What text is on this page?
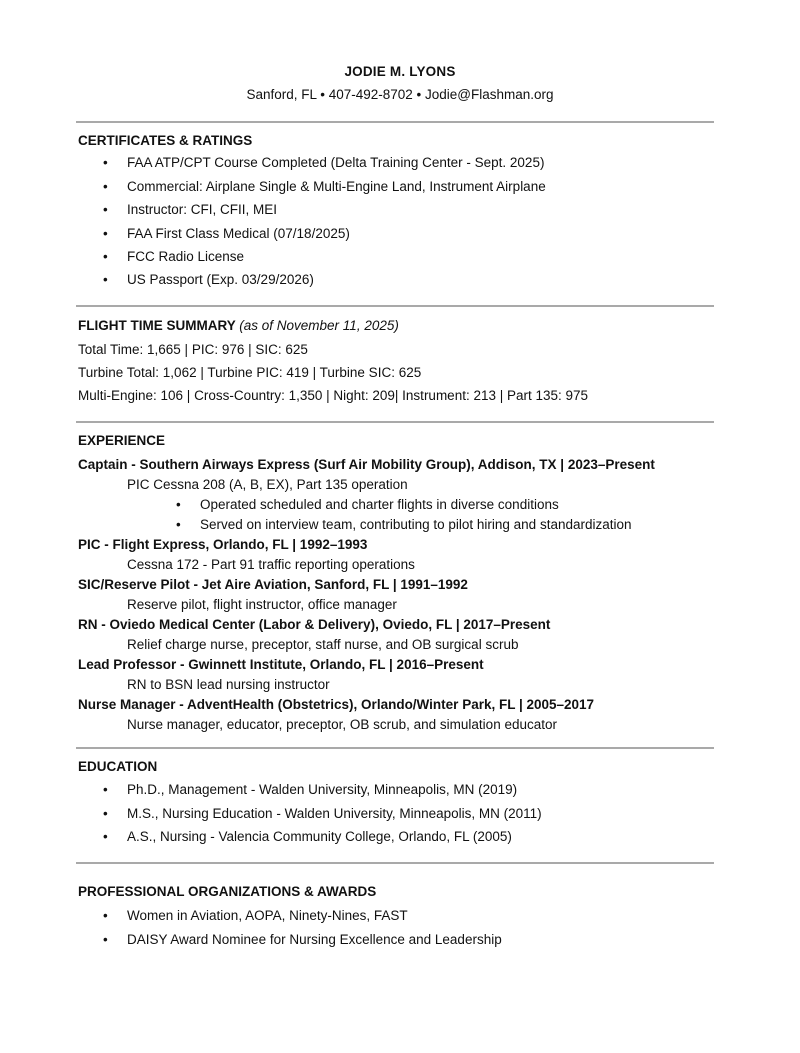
JODIE M. LYONS
Sanford, FL • 407-492-8702 • Jodie@Flashman.org
CERTIFICATES & RATINGS
• FAA ATP/CPT Course Completed (Delta Training Center - Sept. 2025)
• Commercial: Airplane Single & Multi-Engine Land, Instrument Airplane
• Instructor: CFI, CFII, MEI
• FAA First Class Medical (07/18/2025)
• FCC Radio License
• US Passport (Exp. 03/29/2026)
FLIGHT TIME SUMMARY (as of November 11, 2025)
Total Time: 1,665 | PIC: 976 | SIC: 625
Turbine Total: 1,062 | Turbine PIC: 419 | Turbine SIC: 625
Multi-Engine: 106 | Cross-Country: 1,350 | Night: 209| Instrument: 213 | Part 135: 975
EXPERIENCE
Captain - Southern Airways Express (Surf Air Mobility Group), Addison, TX | 2023–Present
PIC Cessna 208 (A, B, EX), Part 135 operation
• Operated scheduled and charter flights in diverse conditions
• Served on interview team, contributing to pilot hiring and standardization
PIC - Flight Express, Orlando, FL | 1992–1993
Cessna 172 - Part 91 traffic reporting operations
SIC/Reserve Pilot - Jet Aire Aviation, Sanford, FL | 1991–1992
Reserve pilot, flight instructor, office manager
RN - Oviedo Medical Center (Labor & Delivery), Oviedo, FL | 2017–Present
Relief charge nurse, preceptor, staff nurse, and OB surgical scrub
Lead Professor - Gwinnett Institute, Orlando, FL | 2016–Present
RN to BSN lead nursing instructor
Nurse Manager - AdventHealth (Obstetrics), Orlando/Winter Park, FL | 2005–2017
Nurse manager, educator, preceptor, OB scrub, and simulation educator
EDUCATION
• Ph.D., Management - Walden University, Minneapolis, MN (2019)
• M.S., Nursing Education - Walden University, Minneapolis, MN (2011)
• A.S., Nursing - Valencia Community College, Orlando, FL (2005)
PROFESSIONAL ORGANIZATIONS & AWARDS
• Women in Aviation, AOPA, Ninety-Nines, FAST
• DAISY Award Nominee for Nursing Excellence and Leadership
